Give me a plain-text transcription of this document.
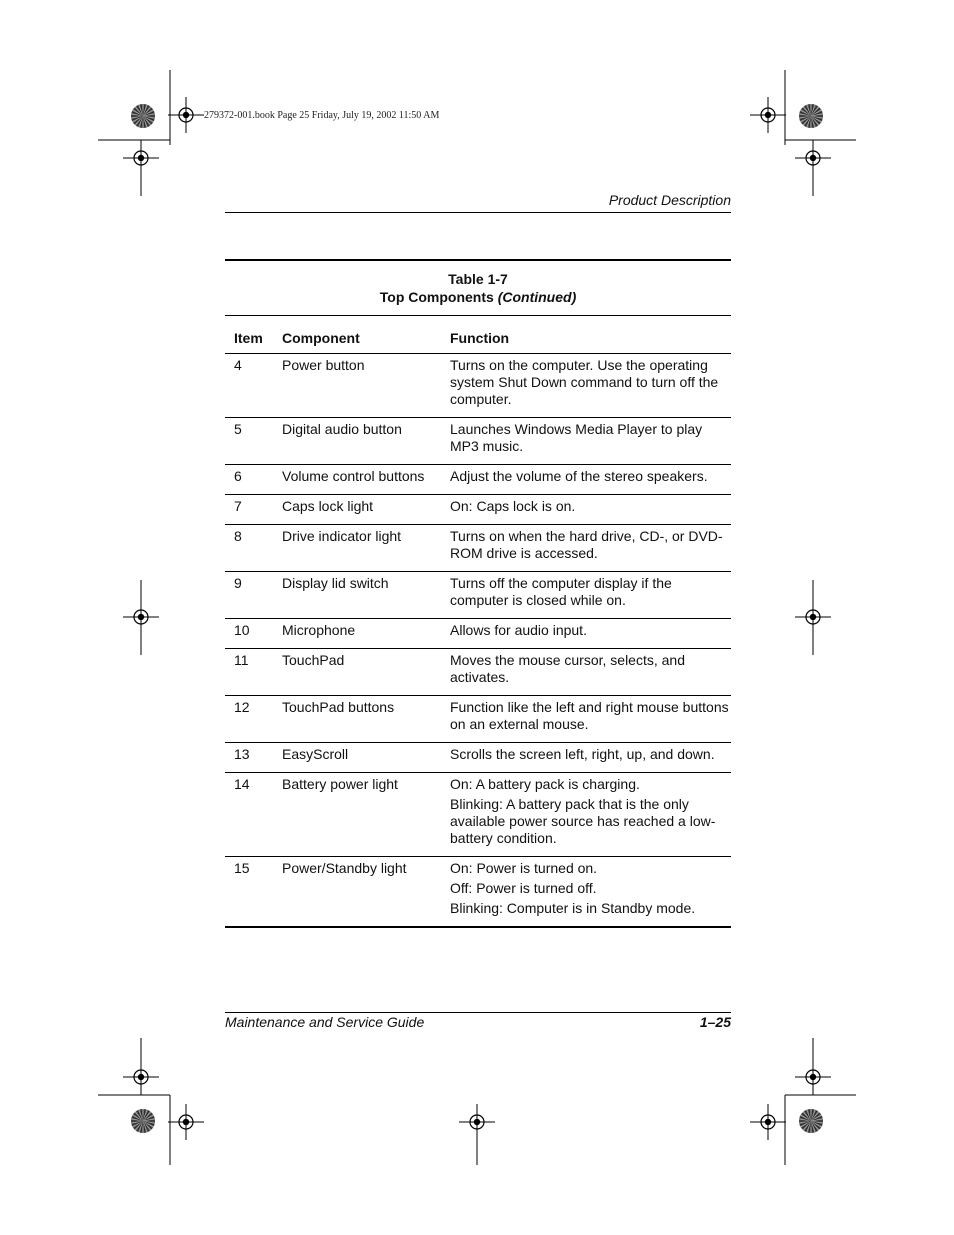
279372-001.book Page 25 Friday, July 19, 2002 11:50 AM
Product Description
Table 1-7
Top Components (Continued)
Item	Component	Function
4	Power button	Turns on the computer. Use the operating system Shut Down command to turn off the computer.

5	Digital audio button	Launches Windows Media Player to play MP3 music.

6	Volume control buttons	Adjust the volume of the stereo speakers.

7	Caps lock light	On: Caps lock is on.

8	Drive indicator light	Turns on when the hard drive, CD-, or DVD-ROM drive is accessed.

9	Display lid switch	Turns off the computer display if the computer is closed while on.

10	Microphone	Allows for audio input.

11	TouchPad	Moves the mouse cursor, selects, and activates.

12	TouchPad buttons	Function like the left and right mouse buttons on an external mouse.

13	EasyScroll	Scrolls the screen left, right, up, and down.

14	Battery power light	On: A battery pack is charging.
Blinking: A battery pack that is the only available power source has reached a low-battery condition.

15	Power/Standby light	On: Power is turned on.
Off: Power is turned off.
Blinking: Computer is in Standby mode.
Maintenance and Service Guide	1–25
